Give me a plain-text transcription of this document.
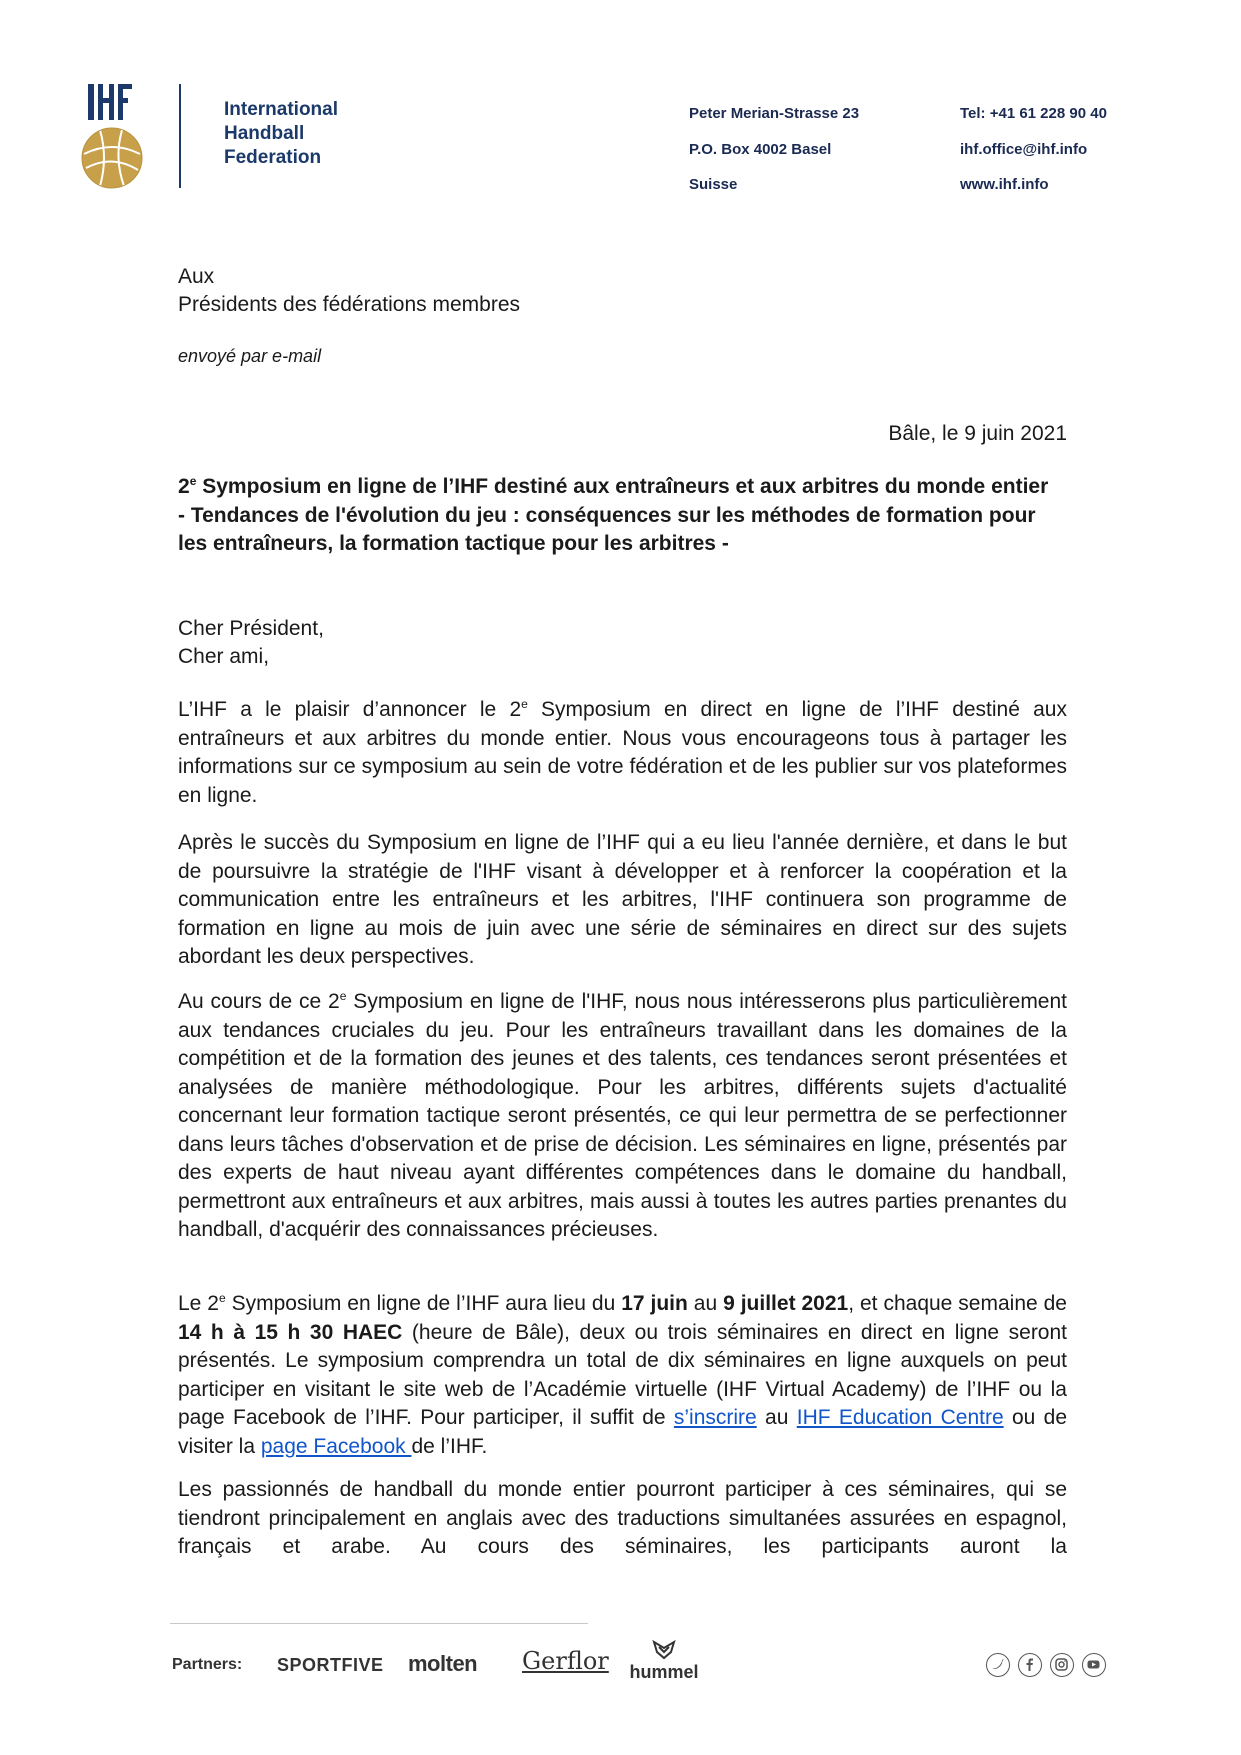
International
Handball
Federation
Peter Merian-Strasse 23
P.O. Box 4002 Basel
Suisse
Tel: +41 61 228 90 40
ihf.office@ihf.info
www.ihf.info
Aux
Présidents des fédérations membres
envoyé par e-mail
Bâle, le 9 juin 2021
2e Symposium en ligne de l’IHF destiné aux entraîneurs et aux arbitres du monde entier
- Tendances de l'évolution du jeu : conséquences sur les méthodes de formation pour les entraîneurs, la formation tactique pour les arbitres -
Cher Président,
Cher ami,
L’IHF a le plaisir d’annoncer le 2e Symposium en direct en ligne de l’IHF destiné aux entraîneurs et aux arbitres du monde entier. Nous vous encourageons tous à partager les informations sur ce symposium au sein de votre fédération et de les publier sur vos plateformes en ligne.
Après le succès du Symposium en ligne de l’IHF qui a eu lieu l'année dernière, et dans le but de poursuivre la stratégie de l'IHF visant à développer et à renforcer la coopération et la communication entre les entraîneurs et les arbitres, l'IHF continuera son programme de formation en ligne au mois de juin avec une série de séminaires en direct sur des sujets abordant les deux perspectives.
Au cours de ce 2e Symposium en ligne de l'IHF, nous nous intéresserons plus particulièrement aux tendances cruciales du jeu. Pour les entraîneurs travaillant dans les domaines de la compétition et de la formation des jeunes et des talents, ces tendances seront présentées et analysées de manière méthodologique. Pour les arbitres, différents sujets d'actualité concernant leur formation tactique seront présentés, ce qui leur permettra de se perfectionner dans leurs tâches d'observation et de prise de décision. Les séminaires en ligne, présentés par des experts de haut niveau ayant différentes compétences dans le domaine du handball, permettront aux entraîneurs et aux arbitres, mais aussi à toutes les autres parties prenantes du handball, d'acquérir des connaissances précieuses.
Le 2e Symposium en ligne de l’IHF aura lieu du 17 juin au 9 juillet 2021, et chaque semaine de 14 h à 15 h 30 HAEC (heure de Bâle), deux ou trois séminaires en direct en ligne seront présentés. Le symposium comprendra un total de dix séminaires en ligne auxquels on peut participer en visitant le site web de l’Académie virtuelle (IHF Virtual Academy) de l’IHF ou la page Facebook de l’IHF. Pour participer, il suffit de s’inscrire au IHF Education Centre ou de visiter la page Facebook de l’IHF.
Les passionnés de handball du monde entier pourront participer à ces séminaires, qui se tiendront principalement en anglais avec des traductions simultanées assurées en espagnol, français et arabe. Au cours des séminaires, les participants auront la
Partners: SPORTFIVE molten Gerflor hummel
